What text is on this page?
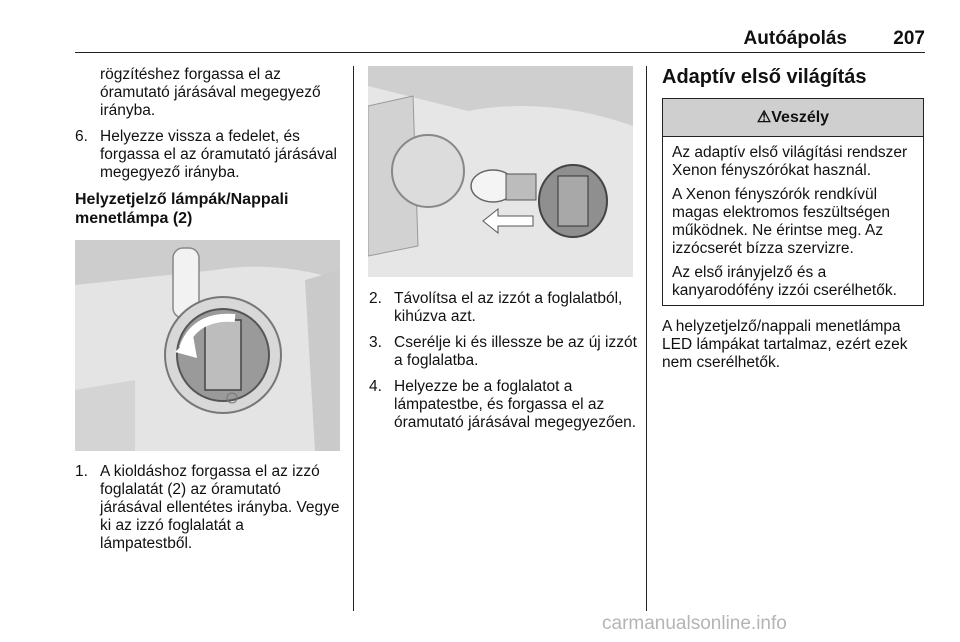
Autóápolás 207

rögzítéshez forgassa el az óramutató járásával megegyező irányba.

6. Helyezze vissza a fedelet, és forgassa el az óramutató járásával megegyező irányba.

Helyzetjelző lámpák/Nappali menetlámpa (2)

1. A kioldáshoz forgassa el az izzó foglalatát (2) az óramutató járásával ellentétes irányba. Vegye ki az izzó foglalatát a lámpatestből.

2. Távolítsa el az izzót a foglalatból, kihúzva azt.

3. Cserélje ki és illessze be az új izzót a foglalatba.

4. Helyezze be a foglalatot a lámpatestbe, és forgassa el az óramutató járásával megegyezően.

Adaptív első világítás

⚠Veszély

Az adaptív első világítási rendszer Xenon fényszórókat használ.

A Xenon fényszórók rendkívül magas elektromos feszültségen működnek. Ne érintse meg. Az izzócserét bízza szervizre.

Az első irányjelző és a kanyarodófény izzói cserélhetők.

A helyzetjelző/nappali menetlámpa LED lámpákat tartalmaz, ezért ezek nem cserélhetők.

carmanualsonline.info
